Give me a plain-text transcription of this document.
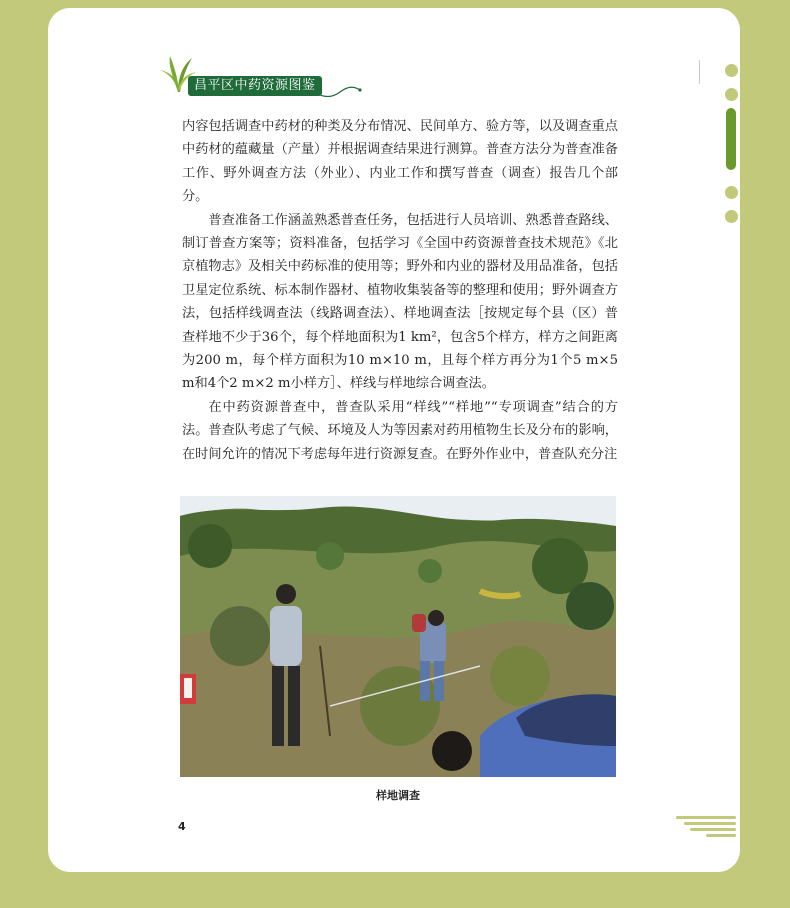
昌平区中药资源图鉴

内容包括调查中药材的种类及分布情况、民间单方、验方等，以及调查重点中药材的蕴藏量（产量）并根据调查结果进行测算。普查方法分为普查准备工作、野外调查方法（外业）、内业工作和撰写普查（调查）报告几个部分。

普查准备工作涵盖熟悉普查任务，包括进行人员培训、熟悉普查路线、制订普查方案等；资料准备，包括学习《全国中药资源普查技术规范》《北京植物志》及相关中药标准的使用等；野外和内业的器材及用品准备，包括卫星定位系统、标本制作器材、植物收集装备等的整理和使用；野外调查方法，包括样线调查法（线路调查法）、样地调查法［按规定每个县（区）普查样地不少于36个，每个样地面积为1 km²，包含5个样方，样方之间距离为200 m，每个样方面积为10 m×10 m，且每个样方再分为1个5 m×5 m和4个2 m×2 m小样方］、样线与样地综合调查法。

在中药资源普查中，普查队采用“样线”“样地”“专项调查”结合的方法。普查队考虑了气候、环境及人为等因素对药用植物生长及分布的影响，在时间允许的情况下考虑每年进行资源复查。在野外作业中，普查队充分注

样地调查
4
